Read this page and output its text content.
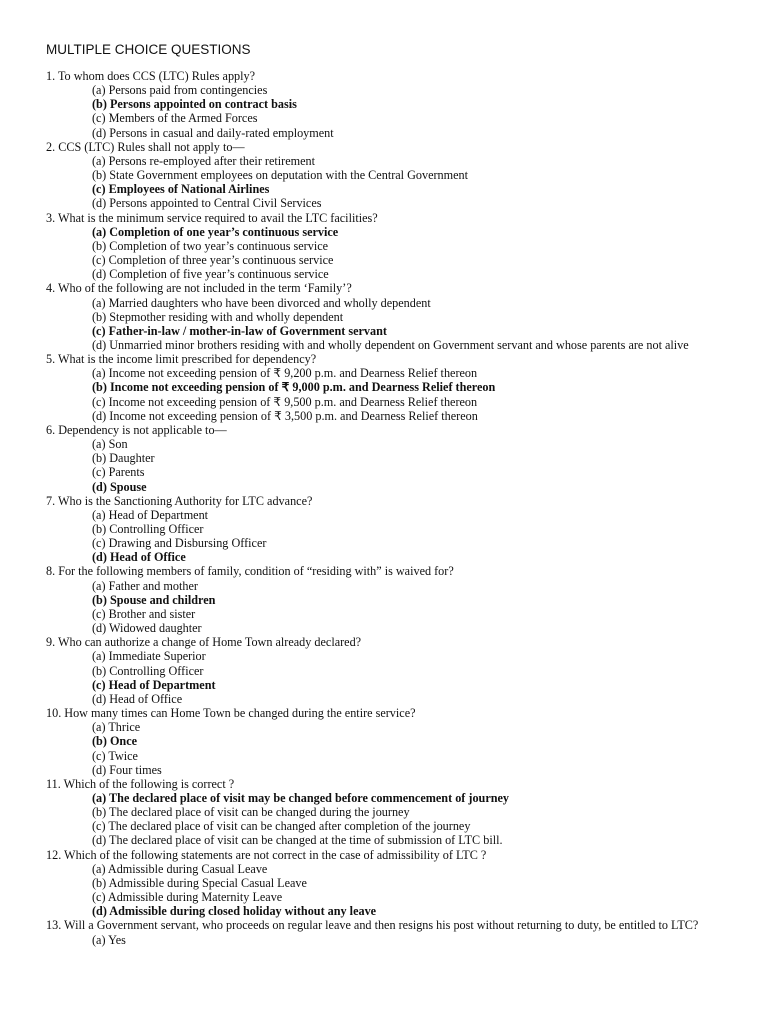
MULTIPLE CHOICE QUESTIONS
1. To whom does CCS (LTC) Rules apply?
(a) Persons paid from contingencies
(b) Persons appointed on contract basis
(c) Members of the Armed Forces
(d) Persons in casual and daily-rated employment
2. CCS (LTC) Rules shall not apply to—
(a) Persons re-employed after their retirement
(b) State Government employees on deputation with the Central Government
(c) Employees of National Airlines
(d) Persons appointed to Central Civil Services
3. What is the minimum service required to avail the LTC facilities?
(a) Completion of one year’s continuous service
(b) Completion of two year’s continuous service
(c) Completion of three year’s continuous service
(d) Completion of five year’s continuous service
4. Who of the following are not included in the term ‘Family’?
(a) Married daughters who have been divorced and wholly dependent
(b) Stepmother residing with and wholly dependent
(c) Father-in-law / mother-in-law of Government servant
(d) Unmarried minor brothers residing with and wholly dependent on Government servant and whose parents are not alive
5. What is the income limit prescribed for dependency?
(a) Income not exceeding pension of ₹ 9,200 p.m. and Dearness Relief thereon
(b) Income not exceeding pension of ₹ 9,000 p.m. and Dearness Relief thereon
(c) Income not exceeding pension of ₹ 9,500 p.m. and Dearness Relief thereon
(d) Income not exceeding pension of ₹ 3,500 p.m. and Dearness Relief thereon
6. Dependency is not applicable to—
(a) Son
(b) Daughter
(c) Parents
(d) Spouse
7. Who is the Sanctioning Authority for LTC advance?
(a) Head of Department
(b) Controlling Officer
(c) Drawing and Disbursing Officer
(d) Head of Office
8. For the following members of family, condition of “residing with” is waived for?
(a) Father and mother
(b) Spouse and children
(c) Brother and sister
(d) Widowed daughter
9. Who can authorize a change of Home Town already declared?
(a) Immediate Superior
(b) Controlling Officer
(c) Head of Department
(d) Head of Office
10. How many times can Home Town be changed during the entire service?
(a) Thrice
(b) Once
(c) Twice
(d) Four times
11. Which of the following is correct ?
(a) The declared place of visit may be changed before commencement of journey
(b) The declared place of visit can be changed during the journey
(c) The declared place of visit can be changed after completion of the journey
(d) The declared place of visit can be changed at the time of submission of LTC bill.
12. Which of the following statements are not correct in the case of admissibility of LTC ?
(a) Admissible during Casual Leave
(b) Admissible during Special Casual Leave
(c) Admissible during Maternity Leave
(d) Admissible during closed holiday without any leave
13. Will a Government servant, who proceeds on regular leave and then resigns his post without returning to duty, be entitled to LTC?
(a) Yes
